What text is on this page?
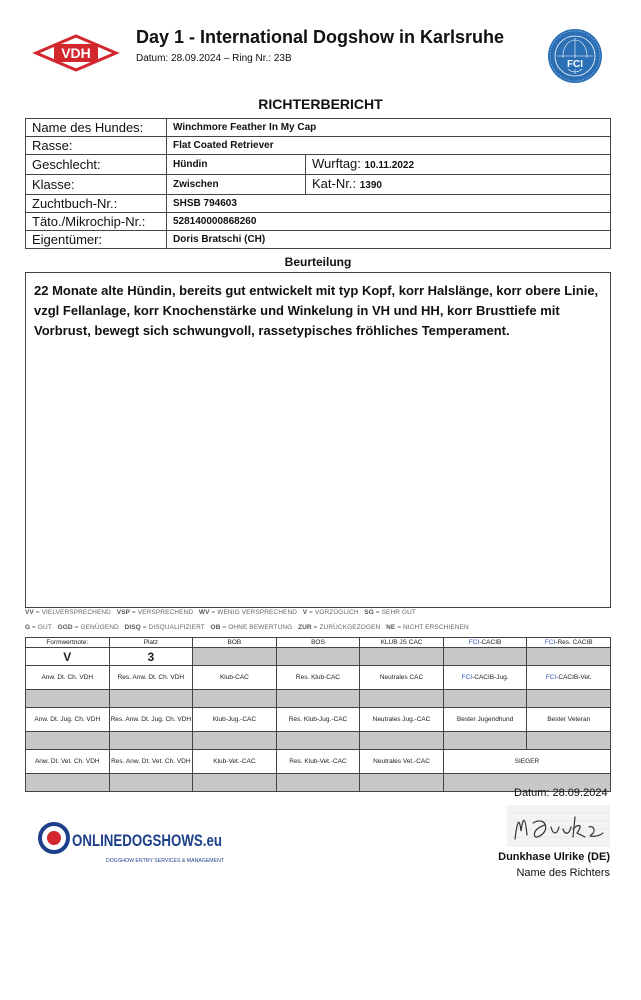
VDH
Day 1 - International Dogshow in Karlsruhe
Datum: 28.09.2024 – Ring Nr.: 23B
FCI
RICHTERBERICHT
Name des Hundes:	Winchmore Feather In My Cap	
Rasse:	Flat Coated Retriever	
Geschlecht:	Hündin	Wurftag: 10.11.2022
Klasse:	Zwischen	Kat-Nr.: 1390
Zuchtbuch-Nr.:	SHSB 794603	
Täto./Mikrochip-Nr.:	528140000868260	
Eigentümer:	Doris Bratschi (CH)	
Beurteilung
22 Monate alte Hündin, bereits gut entwickelt mit typ Kopf, korr Halslänge, korr obere Linie, vzgl Fellanlage, korr Knochenstärke und Winkelung in VH und HH, korr Brusttiefe mit Vorbrust, bewegt sich schwungvoll, rassetypisches fröhliches Temperament.
VV = VIELVERSPRECHEND VSP = VERSPRECHEND WV = WENIG VERSPRECHEND V = VORZÜGLICH SG = SEHR GUT
G = GUT GGD = GENÜGEND DISQ = DISQUALIFIZIERT OB = OHNE BEWERTUNG ZUR = ZURÜCKGEZOGEN NE = NICHT ERSCHIENEN
Formwertnote:	Platz	BOB	BOS	KLUB JS CAC	FCI-CACIB	FCI-Res. CACIB
V	3					
Anw. Dt. Ch. VDH	Res. Anw. Dt. Ch. VDH	Klub-CAC	Res. Klub-CAC	Neutrales CAC	FCI-CACIB-Jug.	FCI-CACIB-Vet.

Anw. Dt. Jug. Ch. VDH	Res. Anw. Dt. Jug. Ch. VDH	Klub-Jug.-CAC	Res. Klub-Jug.-CAC	Neutrales Jug.-CAC	Bester Jugendhund	Bester Veteran

Anw. Dt. Vet. Ch. VDH	Res. Anw. Dt. Vet. Ch. VDH	Klub-Vet.-CAC	Res. Klub-Vet.-CAC	Neutrales Vet.-CAC	SIEGER	

Datum: 28.09.2024
ONLINEDOGSHOWS.eu
DOGSHOW ENTRY SERVICES & MANAGEMENT	Dunkhase Ulrike (DE)
Name des Richters
